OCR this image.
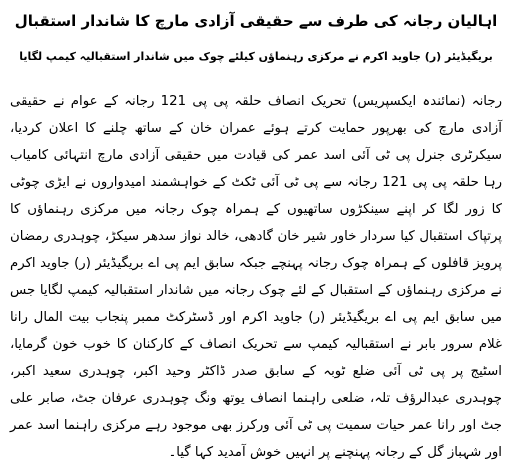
اہالیان رجانہ کی طرف سے حقیقی آزادی مارچ کا شاندار استقبال
بریگیڈیئر (ر) جاوید اکرم نے مرکزی رہنماؤں کیلئے چوک میں شاندار استقبالیہ کیمپ لگایا

رجانہ (نمائندہ ایکسپریس) تحریک انصاف حلقہ پی پی 121 رجانہ کے عوام نے حقیقی آزادی مارچ کی بھرپور حمایت کرتے ہوئے عمران خان کے ساتھ چلنے کا اعلان کردیا، سیکرٹری جنرل پی ٹی آئی اسد عمر کی قیادت میں حقیقی آزادی مارچ انتہائی کامیاب رہا حلقہ پی پی 121 رجانہ سے پی ٹی آئی ٹکٹ کے خواہشمند امیدواروں نے ایڑی چوٹی کا زور لگا کر اپنے سینکڑوں ساتھیوں کے ہمراہ چوک رجانہ میں مرکزی رہنماؤں کا پرتپاک استقبال کیا سردار خاور شیر خان گادھی، خالد نواز سدھر سیکڑ، چوہدری رمضان پرویز قافلوں کے ہمراہ چوک رجانہ پہنچے جبکہ سابق ایم پی اے بریگیڈیئر (ر) جاوید اکرم نے مرکزی رہنماؤں کے استقبال کے لئے چوک رجانہ میں شاندار استقبالیہ کیمپ لگایا جس میں سابق ایم پی اے بریگیڈیئر (ر) جاوید اکرم اور ڈسٹرکٹ ممبر پنجاب بیت المال رانا غلام سرور بابر نے استقبالیہ کیمپ سے تحریک انصاف کے کارکنان کا خوب خون گرمایا، اسٹیج پر پی ٹی آئی ضلع ٹوبہ کے سابق صدر ڈاکٹر وحید اکبر، چوہدری سعید اکبر، چوہدری عبدالرؤف تلہ، ضلعی راہنما انصاف یوتھ ونگ چوہدری عرفان جٹ، صابر علی جٹ اور رانا عمر حیات سمیت پی ٹی آئی ورکرز بھی موجود رہے مرکزی راہنما اسد عمر اور شہباز گل کے رجانہ پہنچنے پر انہیں خوش آمدید کہا گیا۔
